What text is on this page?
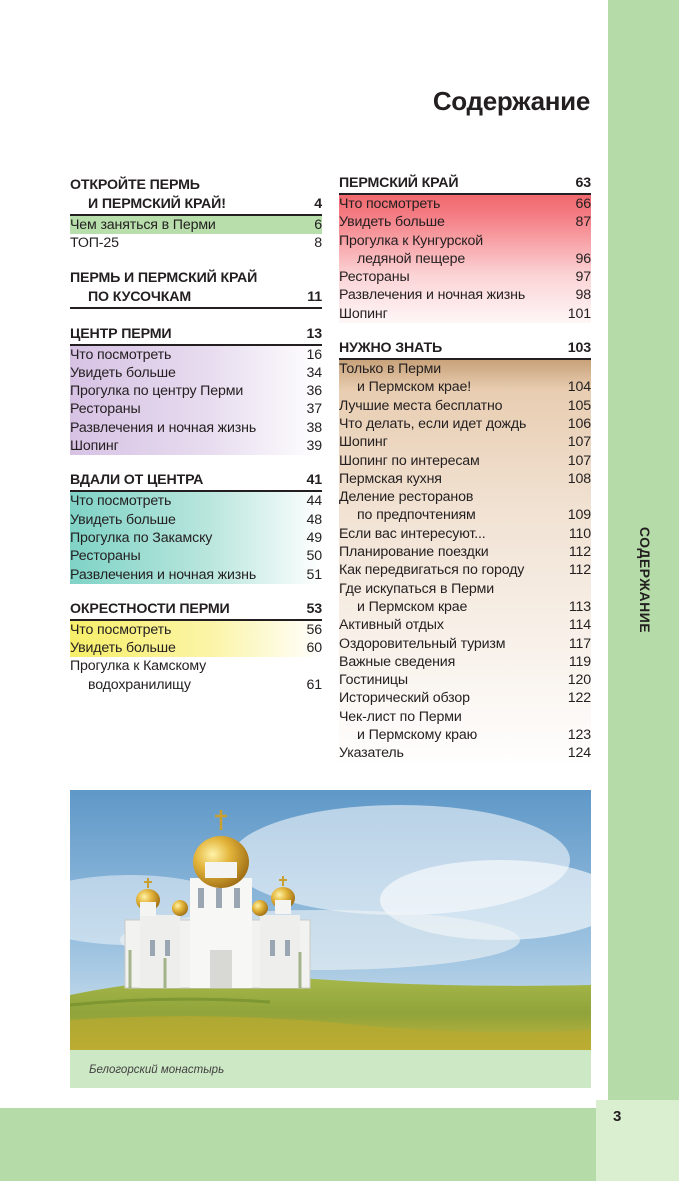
СОДЕРЖАНИЕ
3
Содержание
ОТКРОЙТЕ ПЕРМЬ
И ПЕРМСКИЙ КРАЙ!	4
Чем заняться в Перми	6
ТОП-25	8
ПЕРМЬ И ПЕРМСКИЙ КРАЙ
ПО КУСОЧКАМ	11
ЦЕНТР ПЕРМИ	13
Что посмотреть	16
Увидеть больше	34
Прогулка по центру Перми	36
Рестораны	37
Развлечения и ночная жизнь	38
Шопинг	39
ВДАЛИ ОТ ЦЕНТРА	41
Что посмотреть	44
Увидеть больше	48
Прогулка по Закамску	49
Рестораны	50
Развлечения и ночная жизнь	51
ОКРЕСТНОСТИ ПЕРМИ	53
Что посмотреть	56
Увидеть больше	60
Прогулка к Камскому
водохранилищу	61
ПЕРМСКИЙ КРАЙ	63
Что посмотреть	66
Увидеть больше	87
Прогулка к Кунгурской
ледяной пещере	96
Рестораны	97
Развлечения и ночная жизнь	98
Шопинг	101
НУЖНО ЗНАТЬ	103
Только в Перми
и Пермском крае!	104
Лучшие места бесплатно	105
Что делать, если идет дождь	106
Шопинг	107
Шопинг по интересам	107
Пермская кухня	108
Деление ресторанов
по предпочтениям	109
Если вас интересуют...	110
Планирование поездки	112
Как передвигаться по городу	112
Где искупаться в Перми
и Пермском крае	113
Активный отдых	114
Оздоровительный туризм	117
Важные сведения	119
Гостиницы	120
Исторический обзор	122
Чек-лист по Перми
и Пермскому краю	123
Указатель	124
Белогорский монастырь
